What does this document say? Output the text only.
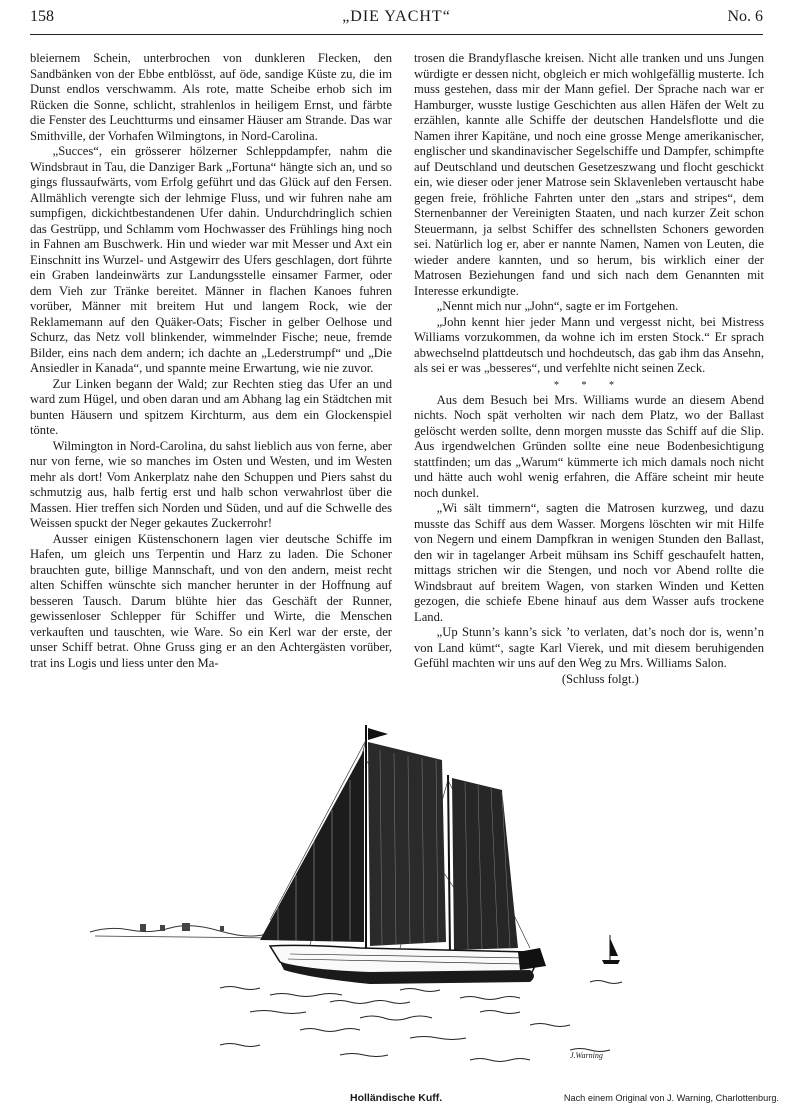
158	„DIE YACHT“	No. 6

bleiernem Schein, unterbrochen von dunkleren Flecken, den Sandbänken von der Ebbe entblösst, auf öde, sandige Küste zu, die im Dunst endlos verschwamm. Als rote, matte Scheibe erhob sich im Rücken die Sonne, schlicht, strahlenlos in heiligem Ernst, und färbte die Fenster des Leuchtturms und einsamer Häuser am Strande. Das war Smithville, der Vorhafen Wilmingtons, in Nord-Carolina.

„Succes“, ein grösserer hölzerner Schleppdampfer, nahm die Windsbraut in Tau, die Danziger Bark „Fortuna“ hängte sich an, und so gings flussaufwärts, vom Erfolg geführt und das Glück auf den Fersen. Allmählich verengte sich der lehmige Fluss, und wir fuhren nahe am sumpfigen, dickichtbestandenen Ufer dahin. Undurchdringlich schien das Gestrüpp, und Schlamm vom Hochwasser des Frühlings hing noch in Fahnen am Buschwerk. Hin und wieder war mit Messer und Axt ein Einschnitt ins Wurzel- und Astgewirr des Ufers geschlagen, dort führte ein Graben landeinwärts zur Landungsstelle einsamer Farmer, oder dem Vieh zur Tränke bereitet. Männer in flachen Kanoes fuhren vorüber, Männer mit breitem Hut und langem Rock, wie der Reklamemann auf den Quäker-Oats; Fischer in gelber Oelhose und Schurz, das Netz voll blinkender, wimmelnder Fische; neue, fremde Bilder, eins nach dem andern; ich dachte an „Lederstrumpf“ und „Die Ansiedler in Kanada“, und spannte meine Erwartung, wie nie zuvor.

Zur Linken begann der Wald; zur Rechten stieg das Ufer an und ward zum Hügel, und oben daran und am Abhang lag ein Städtchen mit bunten Häusern und spitzem Kirchturm, aus dem ein Glockenspiel tönte.

Wilmington in Nord-Carolina, du sahst lieblich aus von ferne, aber nur von ferne, wie so manches im Osten und Westen, und im Westen mehr als dort! Vom Ankerplatz nahe den Schuppen und Piers sahst du schmutzig aus, halb fertig erst und halb schon verwahrlost über die Massen. Hier treffen sich Norden und Süden, und auf die Schwelle des Weissen spuckt der Neger gekautes Zuckerrohr!

Ausser einigen Küstenschonern lagen vier deutsche Schiffe im Hafen, um gleich uns Terpentin und Harz zu laden. Die Schoner brauchten gute, billige Mannschaft, und von den andern, meist recht alten Schiffen wünschte sich mancher herunter in der Hoffnung auf besseren Tausch. Darum blühte hier das Geschäft der Runner, gewissenloser Schlepper für Schiffer und Wirte, die Menschen verkauften und tauschten, wie Ware. So ein Kerl war der erste, der unser Schiff betrat. Ohne Gruss ging er an den Achtergästen vorüber, trat ins Logis und liess unter den Ma-

trosen die Brandyflasche kreisen. Nicht alle tranken und uns Jungen würdigte er dessen nicht, obgleich er mich wohlgefällig musterte. Ich muss gestehen, dass mir der Mann gefiel. Der Sprache nach war er Hamburger, wusste lustige Geschichten aus allen Häfen der Welt zu erzählen, kannte alle Schiffe der deutschen Handelsflotte und die Namen ihrer Kapitäne, und noch eine grosse Menge amerikanischer, englischer und skandinavischer Segelschiffe und Dampfer, schimpfte auf Deutschland und deutschen Gesetzeszwang und flocht geschickt ein, wie dieser oder jener Matrose sein Sklavenleben vertauscht habe gegen freie, fröhliche Fahrten unter den „stars and stripes“, dem Sternenbanner der Vereinigten Staaten, und nach kurzer Zeit schon Steuermann, ja selbst Schiffer des schnellsten Schoners geworden sei. Natürlich log er, aber er nannte Namen, Namen von Leuten, die wieder andere kannten, und so herum, bis wirklich einer der Matrosen Beziehungen fand und sich nach dem Genannten mit Interesse erkundigte.

„Nennt mich nur „John“, sagte er im Fortgehen.

„John kennt hier jeder Mann und vergesst nicht, bei Mistress Williams vorzukommen, da wohne ich im ersten Stock.“ Er sprach abwechselnd plattdeutsch und hochdeutsch, das gab ihm das Ansehn, als sei er was „besseres“, und verfehlte nicht seinen Zeck.

* * *

Aus dem Besuch bei Mrs. Williams wurde an diesem Abend nichts. Noch spät verholten wir nach dem Platz, wo der Ballast gelöscht werden sollte, denn morgen musste das Schiff auf die Slip. Aus irgendwelchen Gründen sollte eine neue Bodenbesichtigung stattfinden; um das „Warum“ kümmerte ich mich damals noch nicht und hätte auch wohl wenig erfahren, die Affäre scheint mir heute noch dunkel.

„Wi sält timmern“, sagten die Matrosen kurzweg, und dazu musste das Schiff aus dem Wasser. Morgens löschten wir mit Hilfe von Negern und einem Dampfkran in wenigen Stunden den Ballast, den wir in tagelanger Arbeit mühsam ins Schiff geschaufelt hatten, mittags strichen wir die Stengen, und noch vor Abend rollte die Windsbraut auf breitem Wagen, von starken Winden und Ketten gezogen, die schiefe Ebene hinauf aus dem Wasser aufs trockene Land.

„Up Stunn’s kann’s sick ’to verlaten, dat’s noch dor is, wenn’n von Land kümt“, sagte Karl Vierek, und mit diesem beruhigenden Gefühl machten wir uns auf den Weg zu Mrs. Williams Salon.

(Schluss folgt.)

J.Warning
Holländische Kuff.	Nach einem Original von J. Warning, Charlottenburg.
